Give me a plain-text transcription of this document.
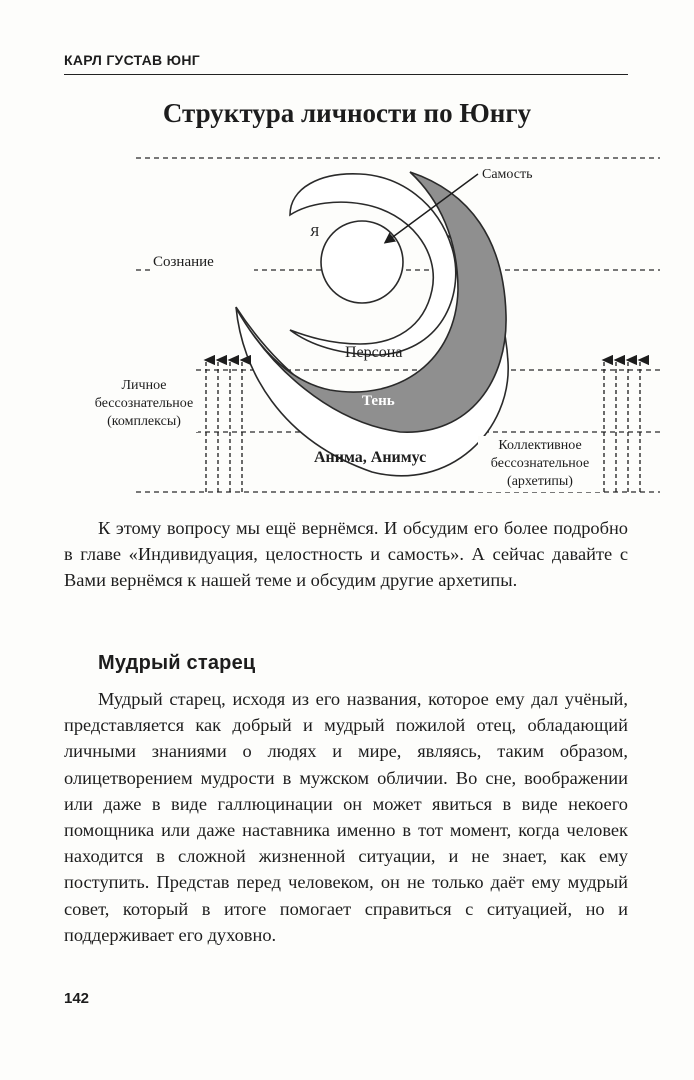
КАРЛ ГУСТАВ ЮНГ
Структура личности по Юнгу
Самость
Я
Сознание
Персона
Тень
Анима, Анимус
Личное
бессознательное
(комплексы)
Коллективное
бессознательное
(архетипы)

К этому вопросу мы ещё вернёмся. И обсудим его более подробно в главе «Индивидуация, целостность и самость». А сейчас давайте с Вами вернёмся к нашей теме и обсудим другие архетипы.

Мудрый старец

Мудрый старец, исходя из его названия, которое ему дал учёный, представляется как добрый и мудрый пожилой отец, обладающий личными знаниями о людях и мире, являясь, таким образом, олицетворением мудрости в мужском обличии. Во сне, воображении или даже в виде галлюцинации он может явиться в виде некоего помощника или даже наставника именно в тот момент, когда человек находится в сложной жизненной ситуации, и не знает, как ему поступить. Представ перед человеком, он не только даёт ему мудрый совет, который в итоге помогает справиться с ситуацией, но и поддерживает его духовно.

142
